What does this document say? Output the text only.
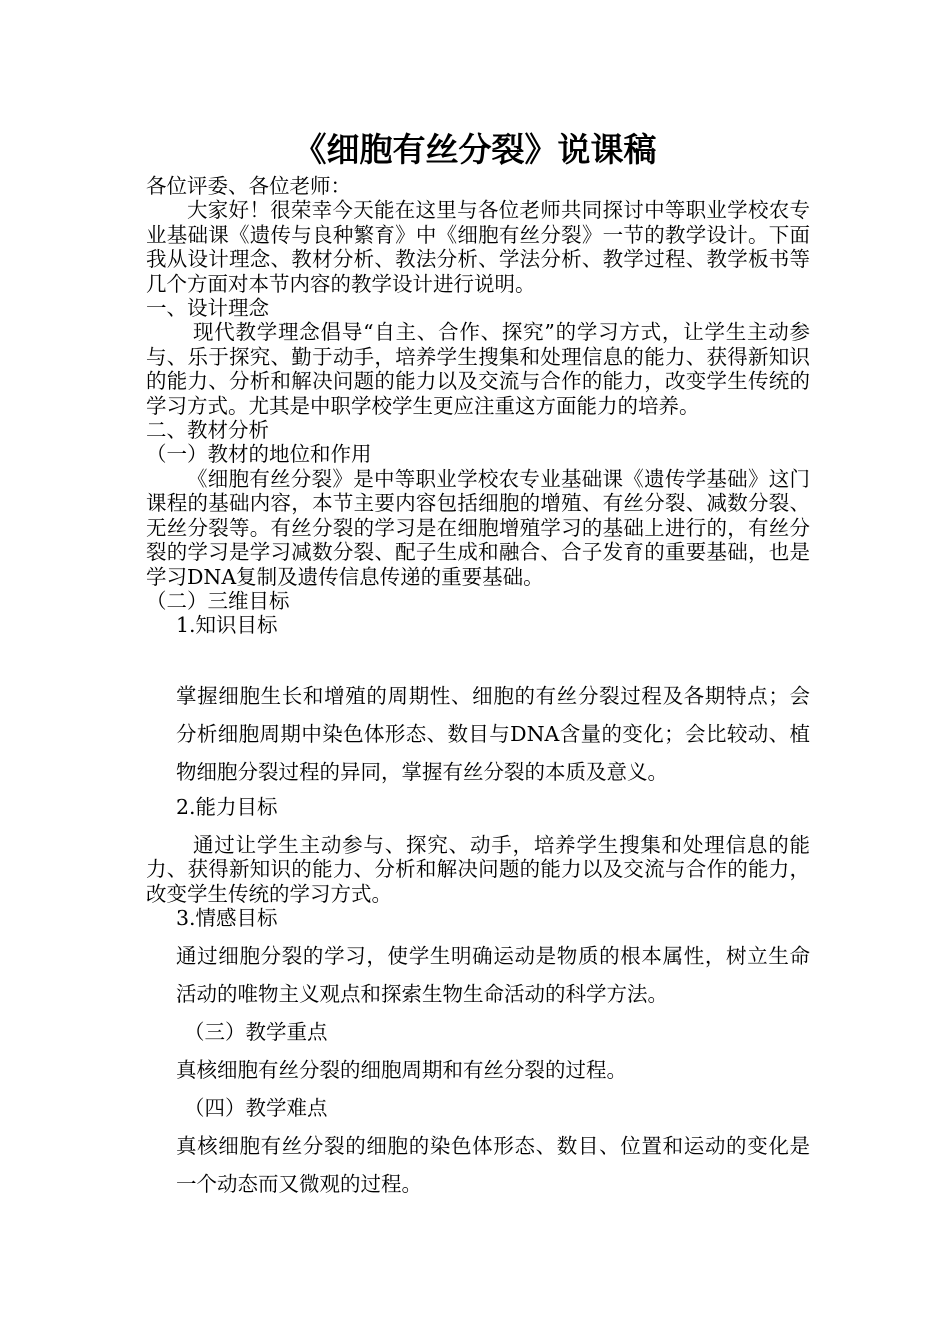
《细胞有丝分裂》说课稿

各位评委、各位老师：

大家好！很荣幸今天能在这里与各位老师共同探讨中等职业学校农专业基础课《遗传与良种繁育》中《细胞有丝分裂》一节的教学设计。下面我从设计理念、教材分析、教法分析、学法分析、教学过程、教学板书等几个方面对本节内容的教学设计进行说明。

一、设计理念

现代教学理念倡导“自主、合作、探究”的学习方式，让学生主动参与、乐于探究、勤于动手，培养学生搜集和处理信息的能力、获得新知识的能力、分析和解决问题的能力以及交流与合作的能力，改变学生传统的学习方式。尤其是中职学校学生更应注重这方面能力的培养。

二、教材分析

（一）教材的地位和作用

《细胞有丝分裂》是中等职业学校农专业基础课《遗传学基础》这门课程的基础内容，本节主要内容包括细胞的增殖、有丝分裂、减数分裂、无丝分裂等。有丝分裂的学习是在细胞增殖学习的基础上进行的，有丝分裂的学习是学习减数分裂、配子生成和融合、合子发育的重要基础，也是学习DNA复制及遗传信息传递的重要基础。

（二）三维目标

1.知识目标

掌握细胞生长和增殖的周期性、细胞的有丝分裂过程及各期特点；会分析细胞周期中染色体形态、数目与DNA含量的变化；会比较动、植物细胞分裂过程的异同，掌握有丝分裂的本质及意义。

2.能力目标

通过让学生主动参与、探究、动手，培养学生搜集和处理信息的能力、获得新知识的能力、分析和解决问题的能力以及交流与合作的能力，改变学生传统的学习方式。

3.情感目标

通过细胞分裂的学习，使学生明确运动是物质的根本属性，树立生命活动的唯物主义观点和探索生物生命活动的科学方法。

（三）教学重点

真核细胞有丝分裂的细胞周期和有丝分裂的过程。

（四）教学难点

真核细胞有丝分裂的细胞的染色体形态、数目、位置和运动的变化是一个动态而又微观的过程。
